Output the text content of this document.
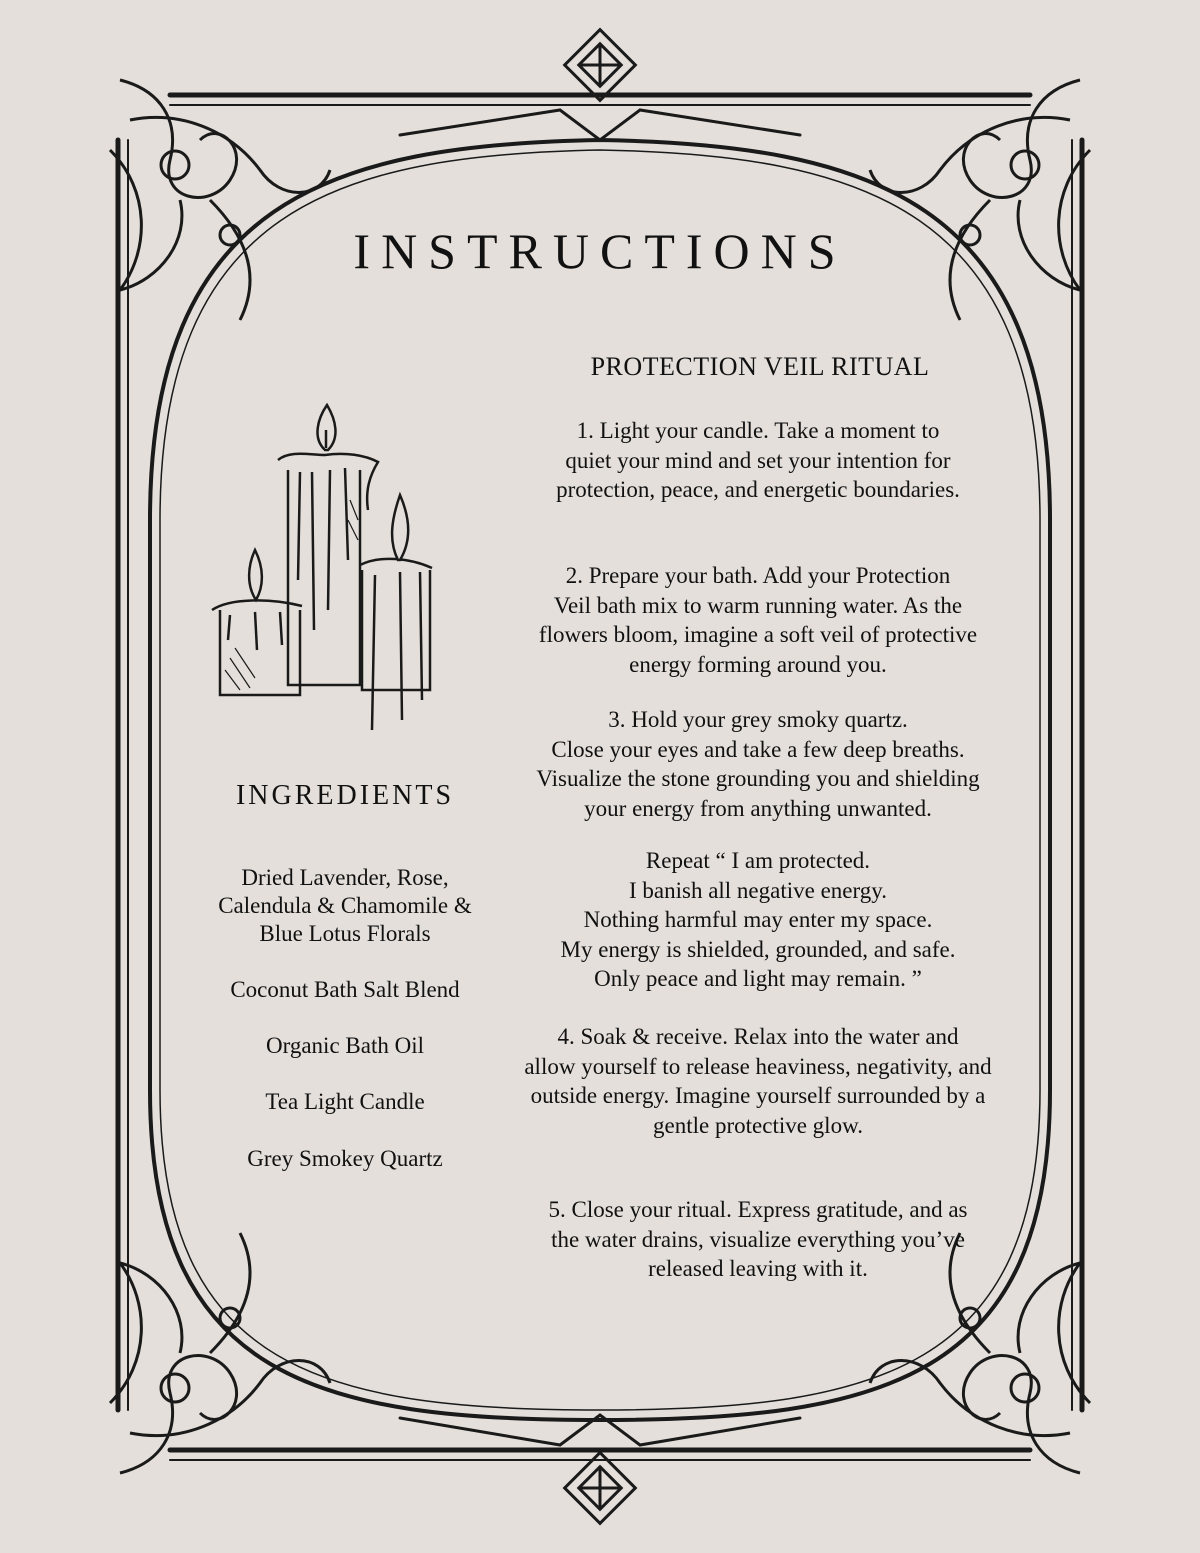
INSTRUCTIONS
PROTECTION VEIL RITUAL
1. Light your candle. Take a moment to
quiet your mind and set your intention for
protection, peace, and energetic boundaries.
2. Prepare your bath. Add your Protection
Veil bath mix to warm running water. As the
flowers bloom, imagine a soft veil of protective
energy forming around you.
3. Hold your grey smoky quartz.
Close your eyes and take a few deep breaths.
Visualize the stone grounding you and shielding
your energy from anything unwanted.
Repeat “ I am protected.
I banish all negative energy.
Nothing harmful may enter my space.
My energy is shielded, grounded, and safe.
Only peace and light may remain. ”
4. Soak & receive. Relax into the water and
allow yourself to release heaviness, negativity, and
outside energy. Imagine yourself surrounded by a
gentle protective glow.
5. Close your ritual. Express gratitude, and as
the water drains, visualize everything you’ve
released leaving with it.
INGREDIENTS
Dried Lavender, Rose,
Calendula & Chamomile &
Blue Lotus Florals
Coconut Bath Salt Blend
Organic Bath Oil
Tea Light Candle
Grey Smokey Quartz
